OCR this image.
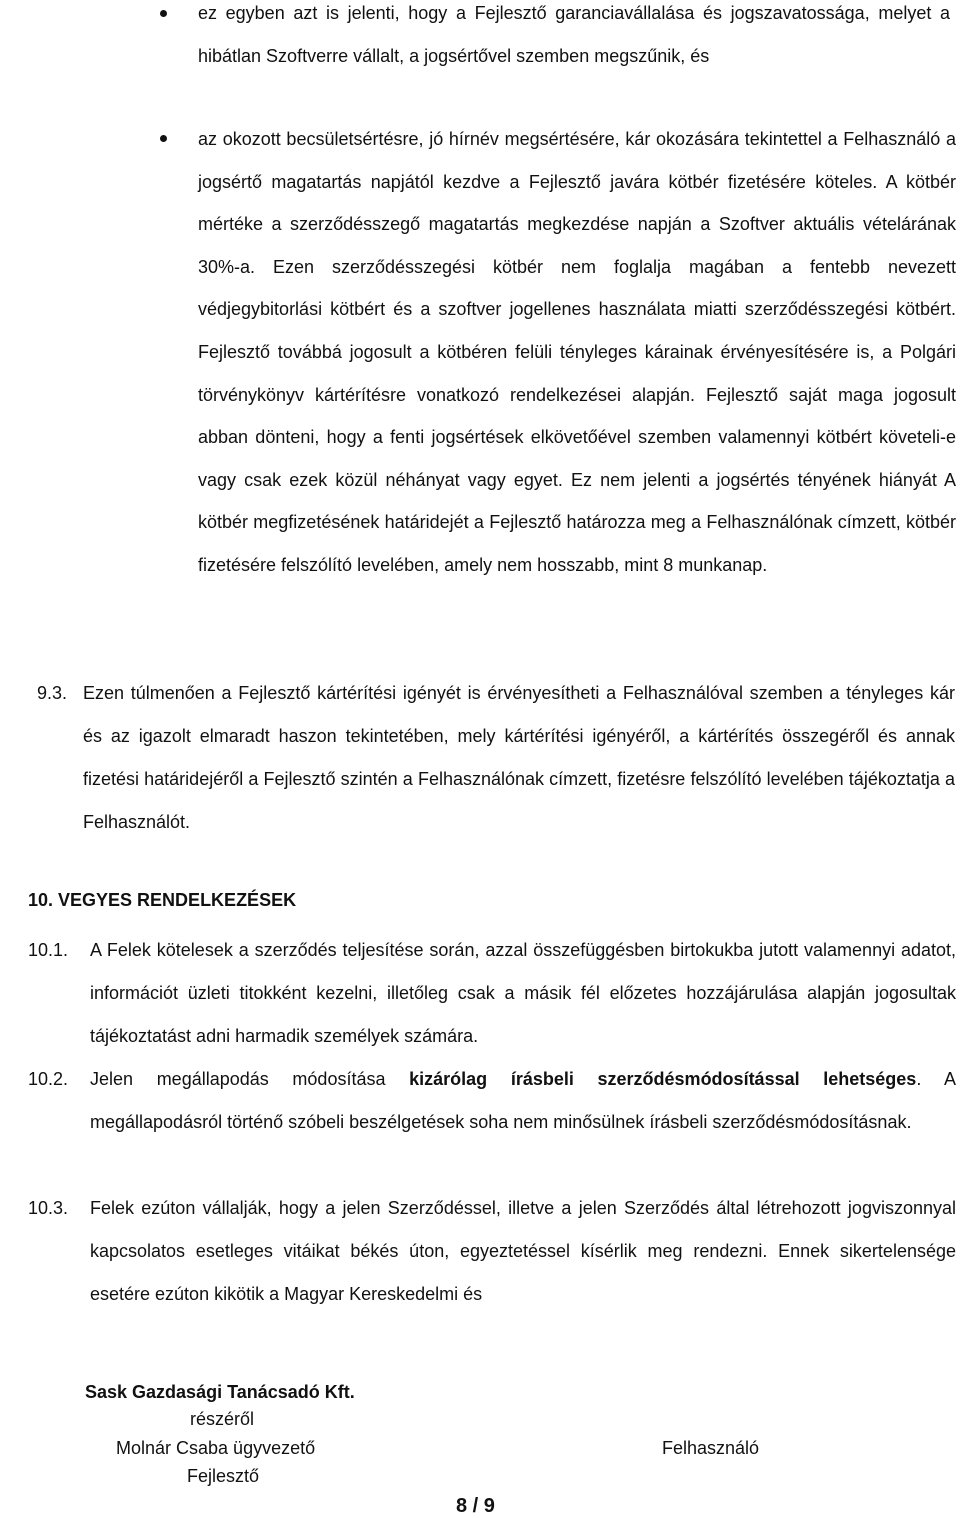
ez egyben azt is jelenti, hogy a Fejlesztő garanciavállalása és jogszavatossága, melyet a hibátlan Szoftverre vállalt, a jogsértővel szemben megszűnik, és
az okozott becsületsértésre, jó hírnév megsértésére, kár okozására tekintettel a Felhasználó a jogsértő magatartás napjától kezdve a Fejlesztő javára kötbér fizetésére köteles. A kötbér mértéke a szerződésszegő magatartás megkezdése napján a Szoftver aktuális vételárának 30%-a. Ezen szerződésszegési kötbér nem foglalja magában a fentebb nevezett védjegybitorlási kötbért és a szoftver jogellenes használata miatti szerződésszegési kötbért. Fejlesztő továbbá jogosult a kötbéren felüli tényleges kárainak érvényesítésére is, a Polgári törvénykönyv kártérítésre vonatkozó rendelkezései alapján. Fejlesztő saját maga jogosult abban dönteni, hogy a fenti jogsértések elkövetőével szemben valamennyi kötbért követeli-e vagy csak ezek közül néhányat vagy egyet. Ez nem jelenti a jogsértés tényének hiányát A kötbér megfizetésének határidejét a Fejlesztő határozza meg a Felhasználónak címzett, kötbér fizetésére felszólító levelében, amely nem hosszabb, mint 8 munkanap.
9.3. Ezen túlmenően a Fejlesztő kártérítési igényét is érvényesítheti a Felhasználóval szemben a tényleges kár és az igazolt elmaradt haszon tekintetében, mely kártérítési igényéről, a kártérítés összegéről és annak fizetési határidejéről a Fejlesztő szintén a Felhasználónak címzett, fizetésre felszólító levelében tájékoztatja a Felhasználót.
10. VEGYES RENDELKEZÉSEK
10.1. A Felek kötelesek a szerződés teljesítése során, azzal összefüggésben birtokukba jutott valamennyi adatot, információt üzleti titokként kezelni, illetőleg csak a másik fél előzetes hozzájárulása alapján jogosultak tájékoztatást adni harmadik személyek számára.
10.2. Jelen megállapodás módosítása kizárólag írásbeli szerződésmódosítással lehetséges. A megállapodásról történő szóbeli beszélgetések soha nem minősülnek írásbeli szerződésmódosításnak.
10.3. Felek ezúton vállalják, hogy a jelen Szerződéssel, illetve a jelen Szerződés által létrehozott jogviszonnyal kapcsolatos esetleges vitáikat békés úton, egyeztetéssel kísérlik meg rendezni. Ennek sikertelensége esetére ezúton kikötik a Magyar Kereskedelmi és
Sask Gazdasági Tanácsadó Kft.
részéről
Molnár Csaba ügyvezető
Fejlesztő
Felhasználó
8 / 9
